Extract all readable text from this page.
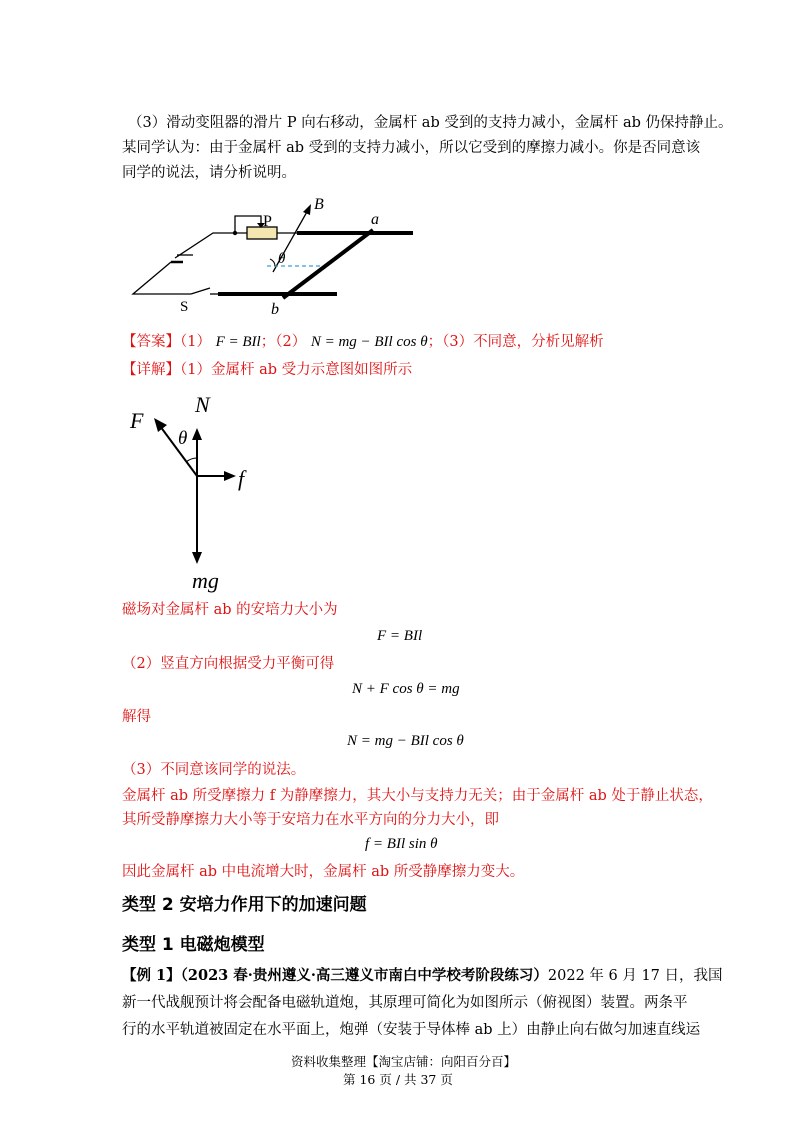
（3）滑动变阻器的滑片 P 向右移动，金属杆 ab 受到的支持力减小，金属杆 ab 仍保持静止。
某同学认为：由于金属杆 ab 受到的支持力减小，所以它受到的摩擦力减小。你是否同意该
同学的说法，请分析说明。
P
B
a
b
θ
S
【答案】（1） F = BIl；（2） N = mg − BIl cos θ；（3）不同意，分析见解析
【详解】（1）金属杆 ab 受力示意图如图所示
F
N
θ
f
mg
磁场对金属杆 ab 的安培力大小为
F = BIl
（2）竖直方向根据受力平衡可得
N + F cos θ = mg
解得
N = mg − BIl cos θ
（3）不同意该同学的说法。
金属杆 ab 所受摩擦力 f 为静摩擦力，其大小与支持力无关；由于金属杆 ab 处于静止状态，
其所受静摩擦力大小等于安培力在水平方向的分力大小，即
f = BIl sin θ
因此金属杆 ab 中电流增大时，金属杆 ab 所受静摩擦力变大。
类型 2 安培力作用下的加速问题
类型 1 电磁炮模型
【例 1】（2023 春·贵州遵义·高三遵义市南白中学校考阶段练习）2022 年 6 月 17 日，我国
新一代战舰预计将会配备电磁轨道炮，其原理可简化为如图所示（俯视图）装置。两条平
行的水平轨道被固定在水平面上，炮弹（安装于导体棒 ab 上）由静止向右做匀加速直线运
资料收集整理【淘宝店铺：向阳百分百】
第 16 页 / 共 37 页
